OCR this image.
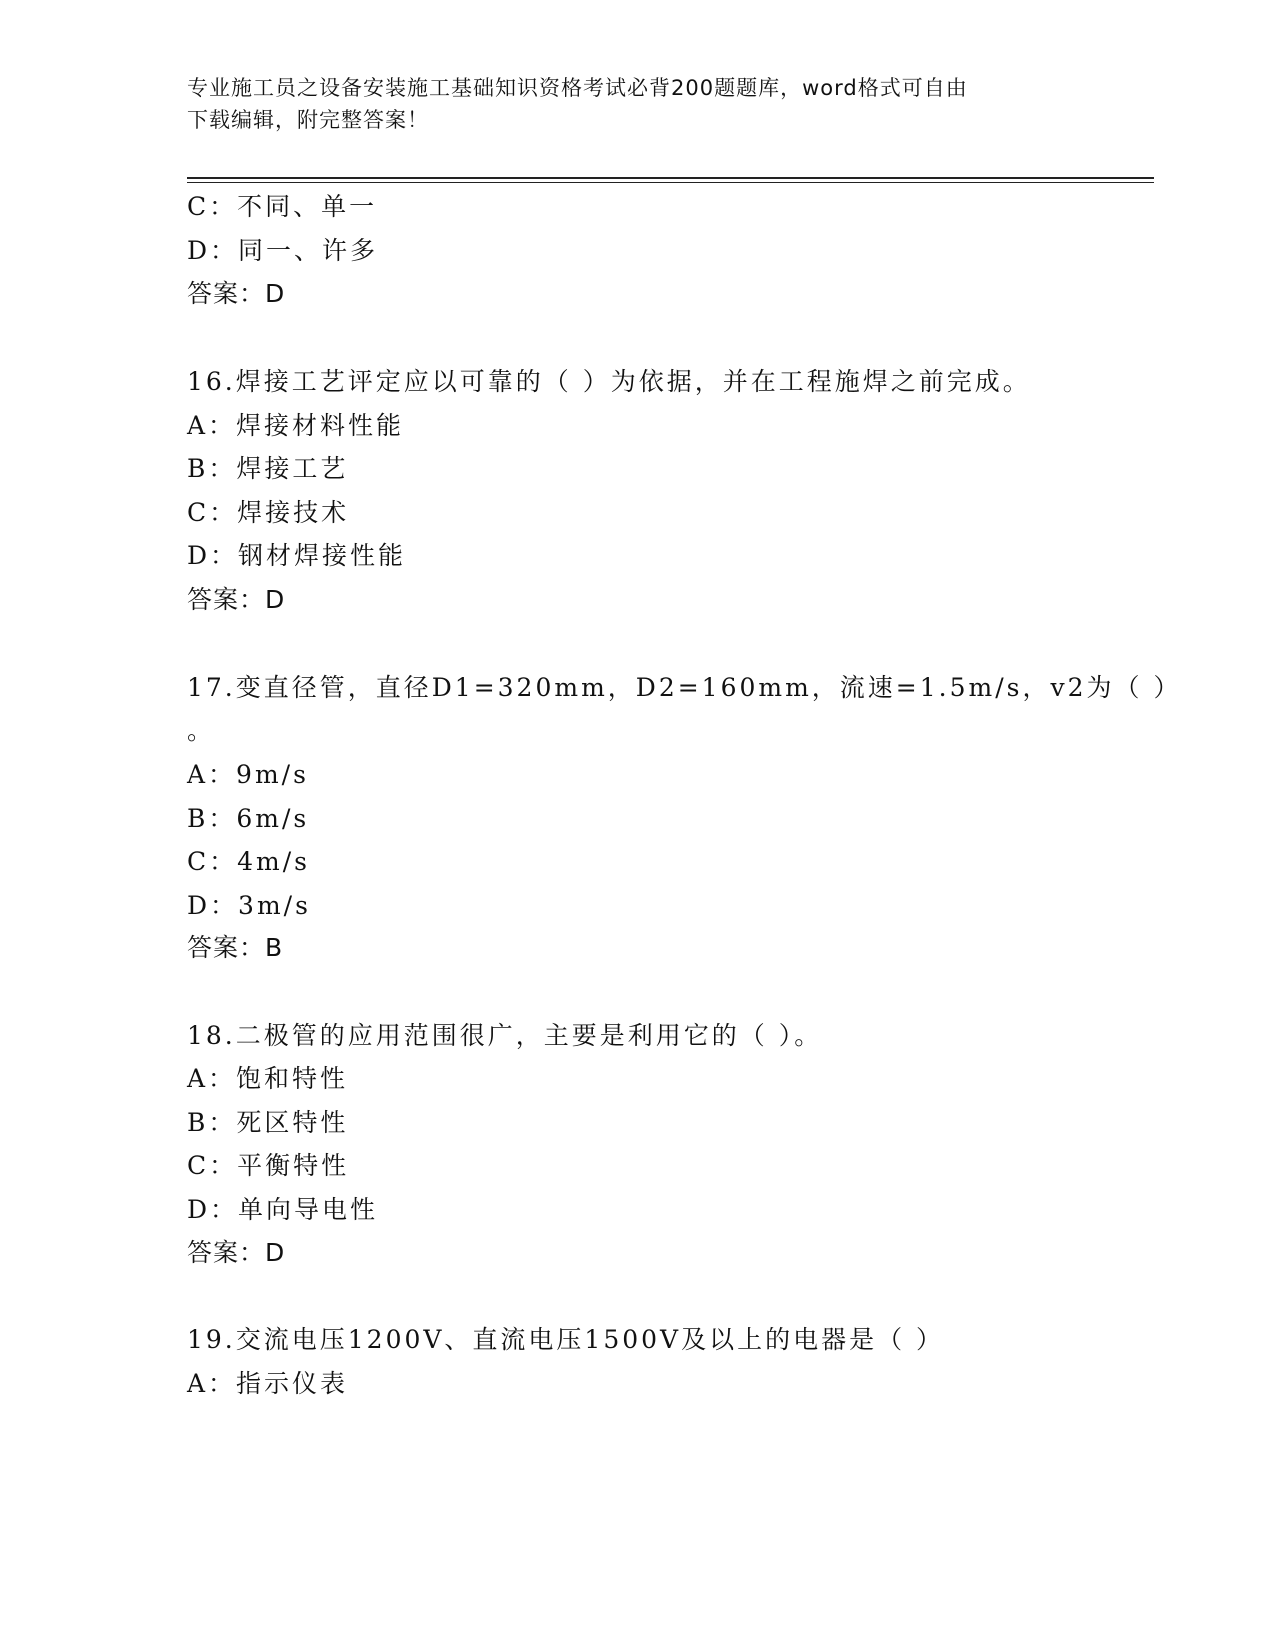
专业施工员之设备安装施工基础知识资格考试必背200题题库，word格式可自由
下载编辑，附完整答案！
C：不同、单一
D：同一、许多
答案：D
16.焊接工艺评定应以可靠的（ ）为依据，并在工程施焊之前完成。
A：焊接材料性能
B：焊接工艺
C：焊接技术
D：钢材焊接性能
答案：D
17.变直径管，直径D1=320mm，D2=160mm，流速=1.5m/s，v2为（ ）
。
A：9m/s
B：6m/s
C：4m/s
D：3m/s
答案：B
18.二极管的应用范围很广，主要是利用它的（ ）。
A：饱和特性
B：死区特性
C：平衡特性
D：单向导电性
答案：D
19.交流电压1200V、直流电压1500V及以上的电器是（ ）
A：指示仪表
